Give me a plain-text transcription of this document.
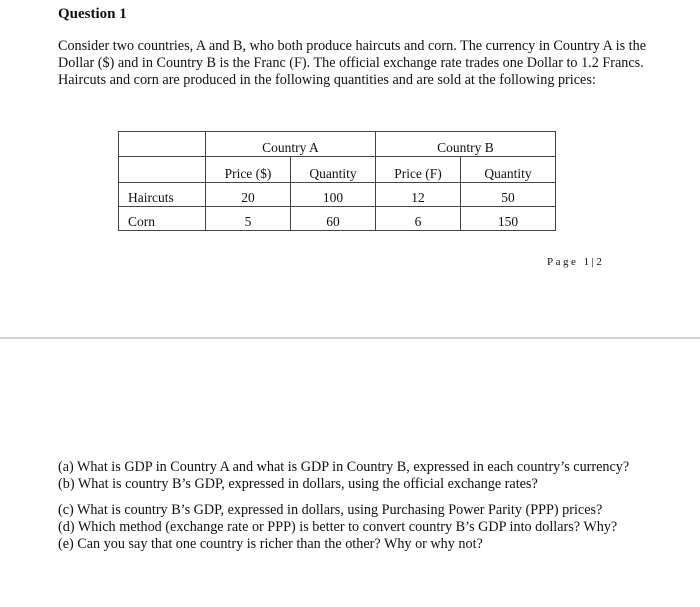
Question 1
Consider two countries, A and B, who both produce haircuts and corn. The currency in Country A is the Dollar ($) and in Country B is the Franc (F). The official exchange rate trades one Dollar to 1.2 Francs. Haircuts and corn are produced in the following quantities and are sold at the following prices:
	Country A		Country B	
	Price ($)	Quantity	Price (F)	Quantity
Haircuts	20	100	12	50
Corn	5	60	6	150
Page 1|2

(a) What is GDP in Country A and what is GDP in Country B, expressed in each country’s currency?

(b) What is country B’s GDP, expressed in dollars, using the official exchange rates?

(c) What is country B’s GDP, expressed in dollars, using Purchasing Power Parity (PPP) prices?

(d) Which method (exchange rate or PPP) is better to convert country B’s GDP into dollars? Why?

(e) Can you say that one country is richer than the other? Why or why not?
